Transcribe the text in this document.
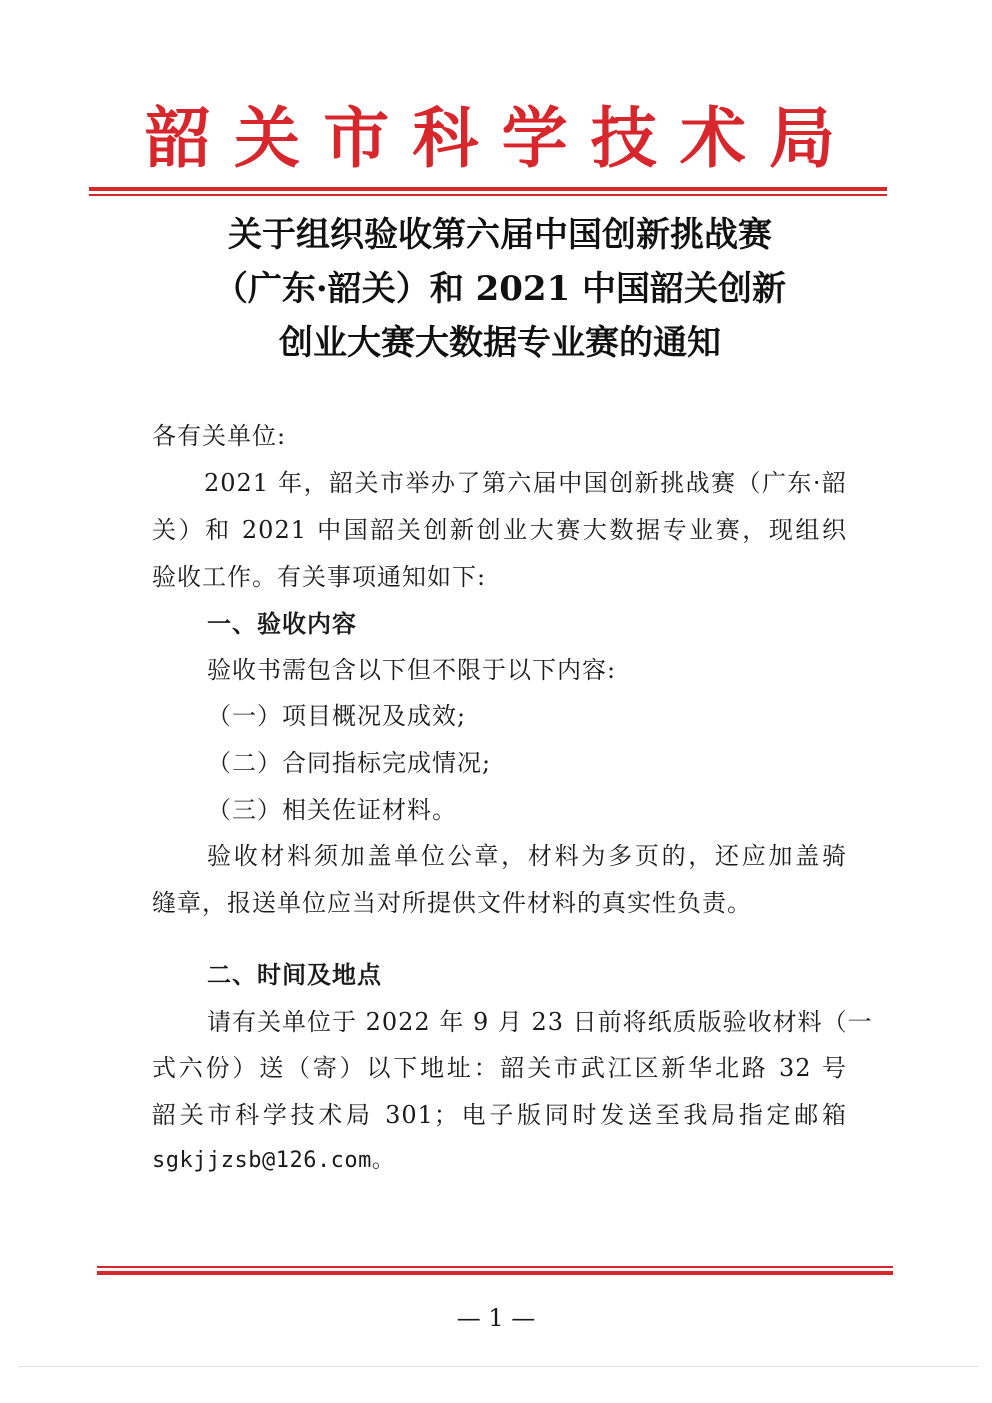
韶 关 市 科 学 技 术 局
关于组织验收第六届中国创新挑战赛
（广东·韶关）和 2021 中国韶关创新
创业大赛大数据专业赛的通知
各有关单位:
2021 年，韶关市举办了第六届中国创新挑战赛（广东·韶
关）和 2021 中国韶关创新创业大赛大数据专业赛，现组织
验收工作。有关事项通知如下:
一、验收内容
验收书需包含以下但不限于以下内容:
（一）项目概况及成效;
（二）合同指标完成情况;
（三）相关佐证材料。
验收材料须加盖单位公章，材料为多页的，还应加盖骑
缝章，报送单位应当对所提供文件材料的真实性负责。
二、时间及地点
请有关单位于 2022 年 9 月 23 日前将纸质版验收材料（一
式六份）送（寄）以下地址：韶关市武江区新华北路 32 号
韶关市科学技术局 301；电子版同时发送至我局指定邮箱
sgkjjzsb@126.com。
— 1 —
